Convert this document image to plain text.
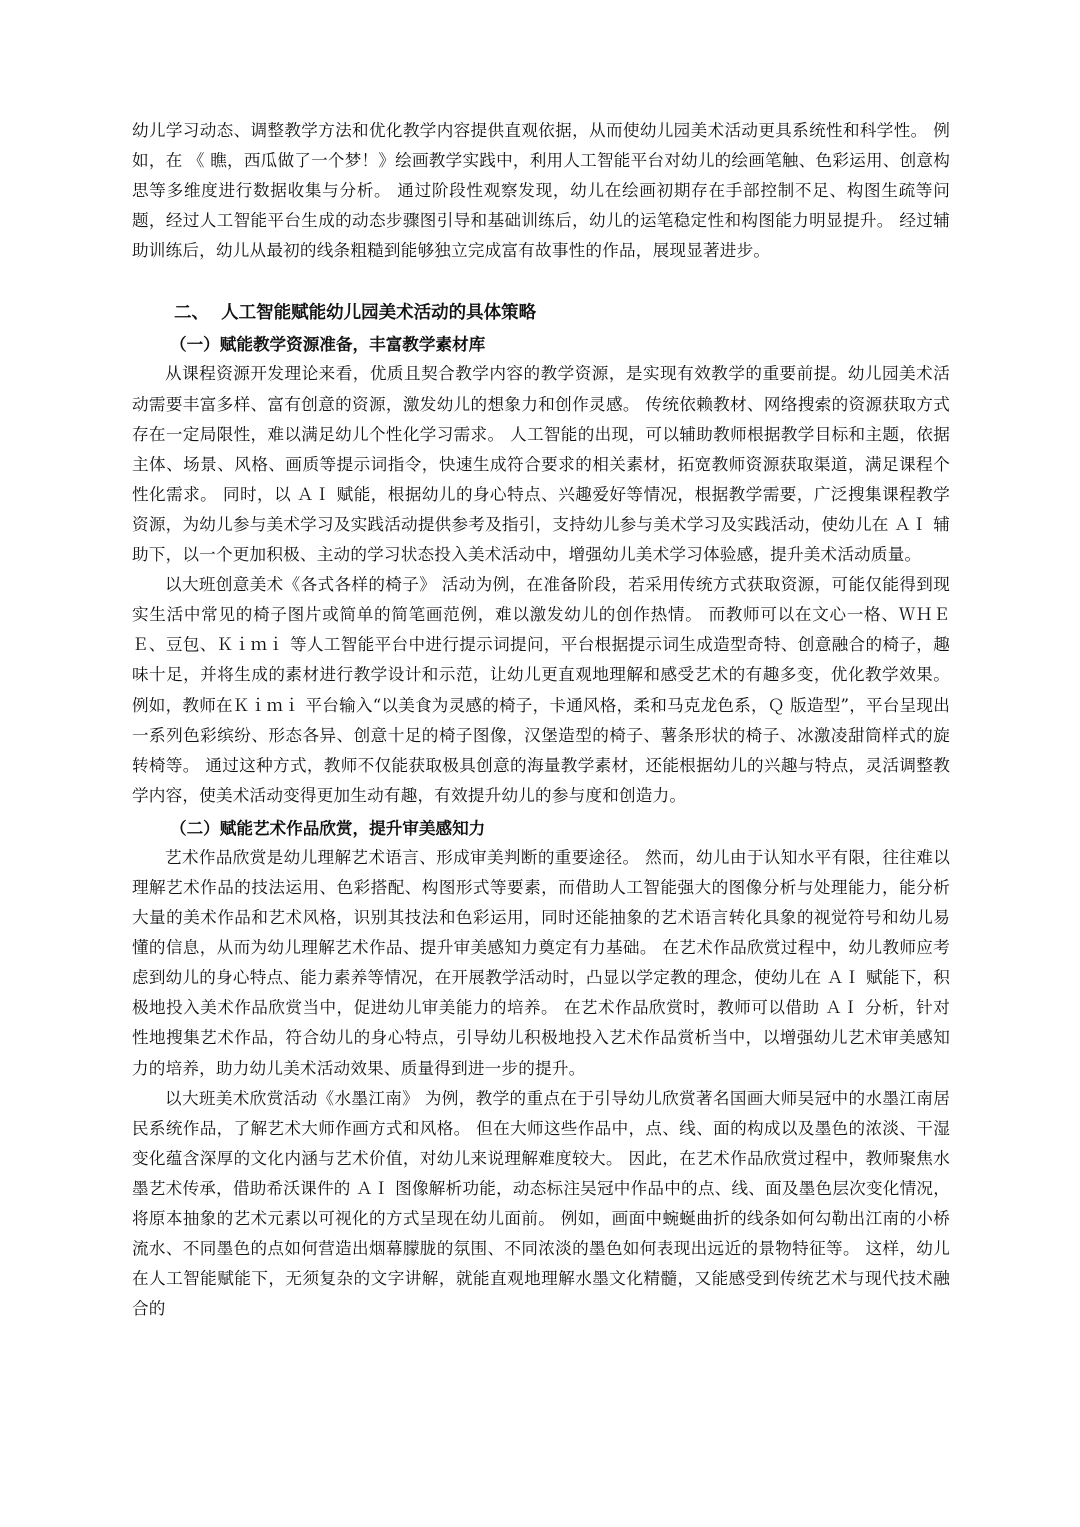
幼儿学习动态、调整教学方法和优化教学内容提供直观依据，从而使幼儿园美术活动更具系统性和科学性。 例如，在 《 瞧，西瓜做了一个梦！》绘画教学实践中，利用人工智能平台对幼儿的绘画笔触、色彩运用、创意构思等多维度进行数据收集与分析。 通过阶段性观察发现，幼儿在绘画初期存在手部控制不足、构图生疏等问题，经过人工智能平台生成的动态步骤图引导和基础训练后，幼儿的运笔稳定性和构图能力明显提升。 经过辅助训练后，幼儿从最初的线条粗糙到能够独立完成富有故事性的作品，展现显著进步。

二、  人工智能赋能幼儿园美术活动的具体策略
（一）赋能教学资源准备，丰富教学素材库

从课程资源开发理论来看，优质且契合教学内容的教学资源，是实现有效教学的重要前提。幼儿园美术活动需要丰富多样、富有创意的资源，激发幼儿的想象力和创作灵感。 传统依赖教材、网络搜索的资源获取方式存在一定局限性，难以满足幼儿个性化学习需求。 人工智能的出现，可以辅助教师根据教学目标和主题，依据主体、场景、风格、画质等提示词指令，快速生成符合要求的相关素材，拓宽教师资源获取渠道，满足课程个性化需求。 同时，以 ＡＩ 赋能，根据幼儿的身心特点、兴趣爱好等情况，根据教学需要，广泛搜集课程教学资源，为幼儿参与美术学习及实践活动提供参考及指引，支持幼儿参与美术学习及实践活动，使幼儿在 ＡＩ 辅助下，以一个更加积极、主动的学习状态投入美术活动中，增强幼儿美术学习体验感，提升美术活动质量。

以大班创意美术《各式各样的椅子》 活动为例，在准备阶段，若采用传统方式获取资源，可能仅能得到现实生活中常见的椅子图片或简单的简笔画范例，难以激发幼儿的创作热情。 而教师可以在文心一格、ＷＨＥＥ、豆包、Ｋｉｍｉ 等人工智能平台中进行提示词提问，平台根据提示词生成造型奇特、创意融合的椅子，趣味十足，并将生成的素材进行教学设计和示范，让幼儿更直观地理解和感受艺术的有趣多变，优化教学效果。 例如，教师在Ｋｉｍｉ 平台输入“以美食为灵感的椅子，卡通风格，柔和马克龙色系，Ｑ 版造型”，平台呈现出一系列色彩缤纷、形态各异、创意十足的椅子图像，汉堡造型的椅子、薯条形状的椅子、冰激凌甜筒样式的旋转椅等。 通过这种方式，教师不仅能获取极具创意的海量教学素材，还能根据幼儿的兴趣与特点，灵活调整教学内容，使美术活动变得更加生动有趣，有效提升幼儿的参与度和创造力。

（二）赋能艺术作品欣赏，提升审美感知力

艺术作品欣赏是幼儿理解艺术语言、形成审美判断的重要途径。 然而，幼儿由于认知水平有限，往往难以理解艺术作品的技法运用、色彩搭配、构图形式等要素，而借助人工智能强大的图像分析与处理能力，能分析大量的美术作品和艺术风格，识别其技法和色彩运用，同时还能抽象的艺术语言转化具象的视觉符号和幼儿易懂的信息，从而为幼儿理解艺术作品、提升审美感知力奠定有力基础。 在艺术作品欣赏过程中，幼儿教师应考虑到幼儿的身心特点、能力素养等情况，在开展教学活动时，凸显以学定教的理念，使幼儿在 ＡＩ 赋能下，积极地投入美术作品欣赏当中，促进幼儿审美能力的培养。 在艺术作品欣赏时，教师可以借助 ＡＩ 分析，针对性地搜集艺术作品，符合幼儿的身心特点，引导幼儿积极地投入艺术作品赏析当中，以增强幼儿艺术审美感知力的培养，助力幼儿美术活动效果、质量得到进一步的提升。

以大班美术欣赏活动《水墨江南》 为例，教学的重点在于引导幼儿欣赏著名国画大师吴冠中的水墨江南居民系统作品，了解艺术大师作画方式和风格。 但在大师这些作品中，点、线、面的构成以及墨色的浓淡、干湿变化蕴含深厚的文化内涵与艺术价值，对幼儿来说理解难度较大。 因此，在艺术作品欣赏过程中，教师聚焦水墨艺术传承，借助希沃课件的 ＡＩ 图像解析功能，动态标注吴冠中作品中的点、线、面及墨色层次变化情况，将原本抽象的艺术元素以可视化的方式呈现在幼儿面前。 例如，画面中蜿蜒曲折的线条如何勾勒出江南的小桥流水、不同墨色的点如何营造出烟幕朦胧的氛围、不同浓淡的墨色如何表现出远近的景物特征等。 这样，幼儿在人工智能赋能下，无须复杂的文字讲解，就能直观地理解水墨文化精髓，又能感受到传统艺术与现代技术融合的
